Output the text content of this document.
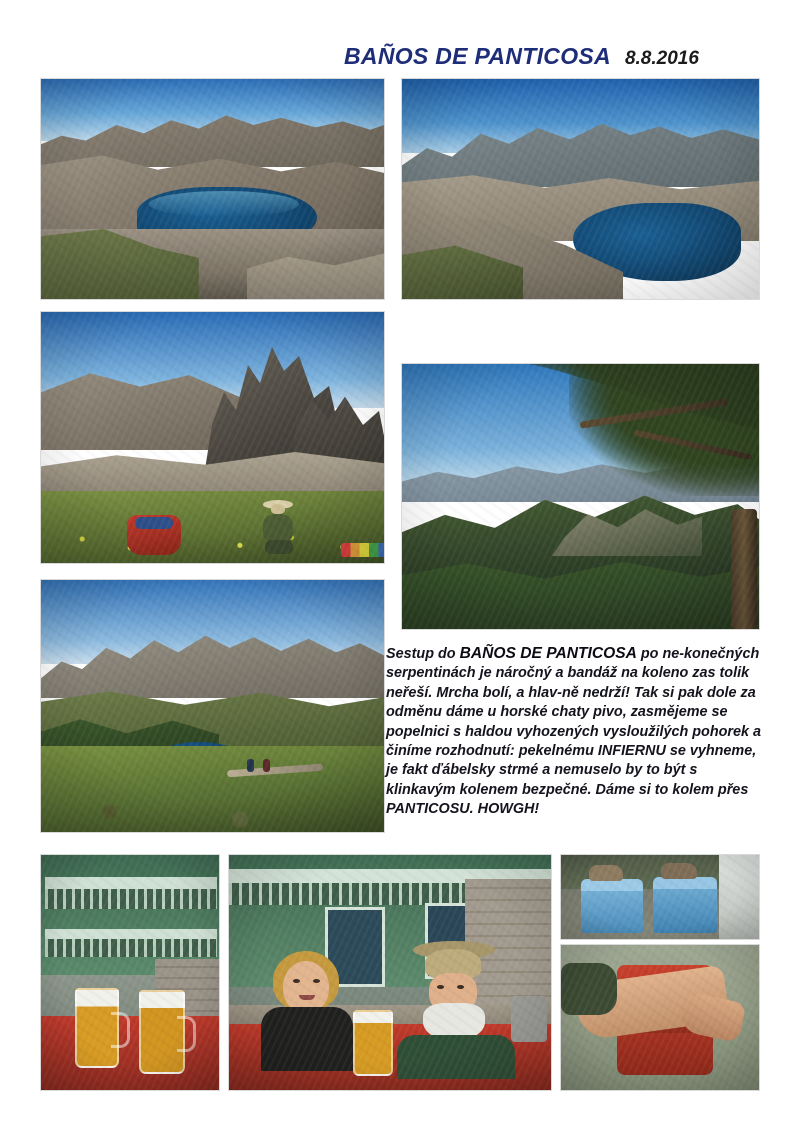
BAÑOS DE PANTICOSA 8.8.2016

Sestup do BAÑOS DE PANTICOSA po ne-konečných serpentinách je náročný a bandáž na koleno zas tolik neřeší. Mrcha bolí, a hlav-ně nedrží! Tak si pak dole za odměnu dáme u horské chaty pivo, zasmějeme se popelnici s haldou vyhozených vysloužilých pohorek a činíme rozhodnutí: pekelnému INFIERNU se vyhneme, je fakt ďábelsky strmé a nemuselo by to být s klinkavým kolenem bezpečné. Dáme si to kolem přes PANTICOSU. HOWGH!
